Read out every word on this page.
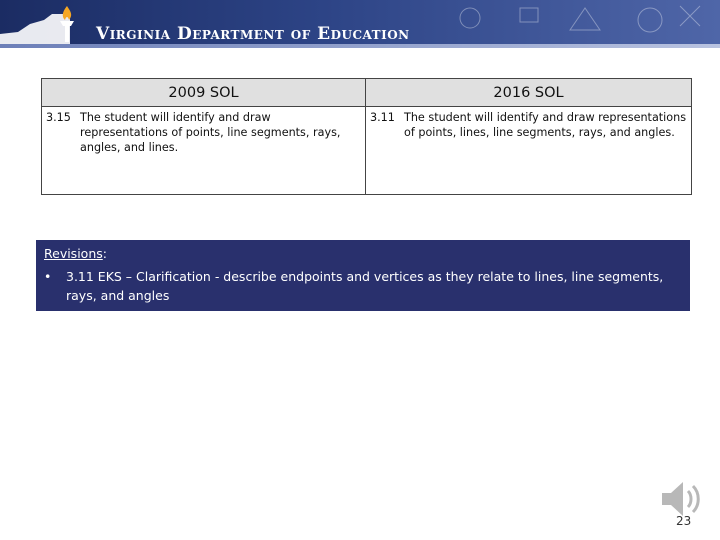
Virginia Department of Education
2009 SOL	2016 SOL
3.15 The student will identify and draw representations of points, line segments, rays, angles, and lines.
3.11 The student will identify and draw representations of points, lines, line segments, rays, and angles.
Revisions:
•	3.11 EKS – Clarification - describe endpoints and vertices as they relate to lines, line segments, rays, and angles
23
